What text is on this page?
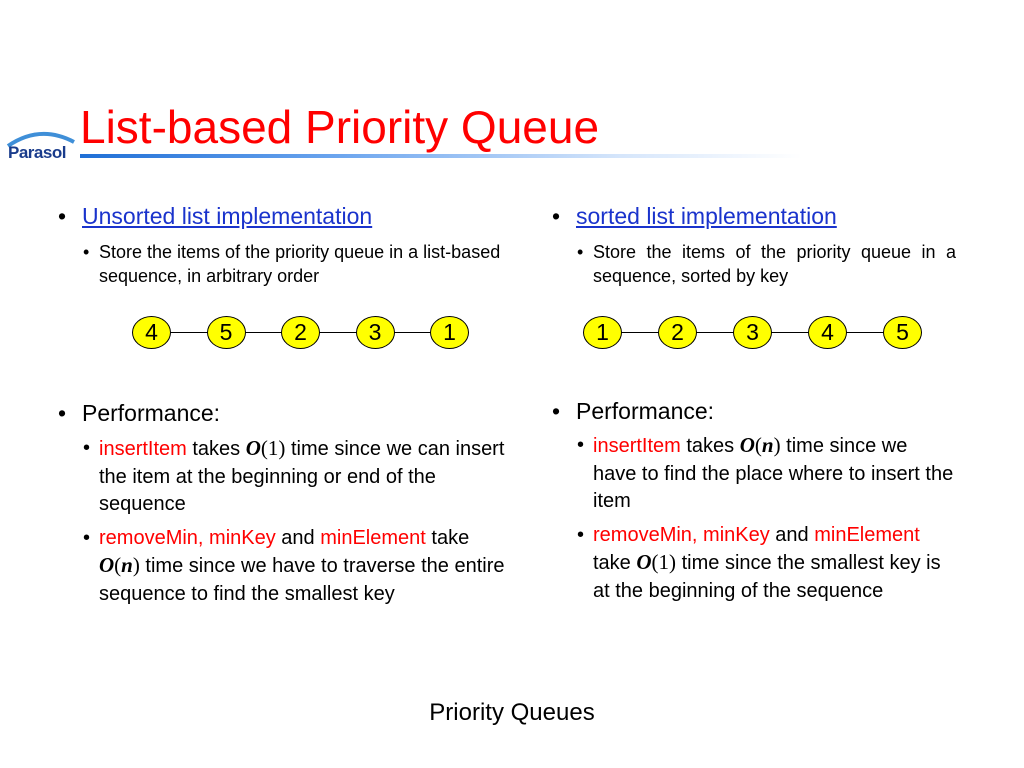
Parasol List-based Priority Queue
• Unsorted list implementation
• Store the items of the priority queue in a list-based sequence, in arbitrary order
• Performance:
• insertItem takes O(1) time since we can insert the item at the beginning or end of the sequence
• removeMin, minKey and minElement take O(n) time since we have to traverse the entire sequence to find the smallest key
• sorted list implementation
• Store the items of the priority queue in a sequence, sorted by key
• Performance:
• insertItem takes O(n) time since we have to find the place where to insert the item
• removeMin, minKey and minElement take O(1) time since the smallest key is at the beginning of the sequence
4	5	2	3	1	1	2	3	4	5
Priority Queues
